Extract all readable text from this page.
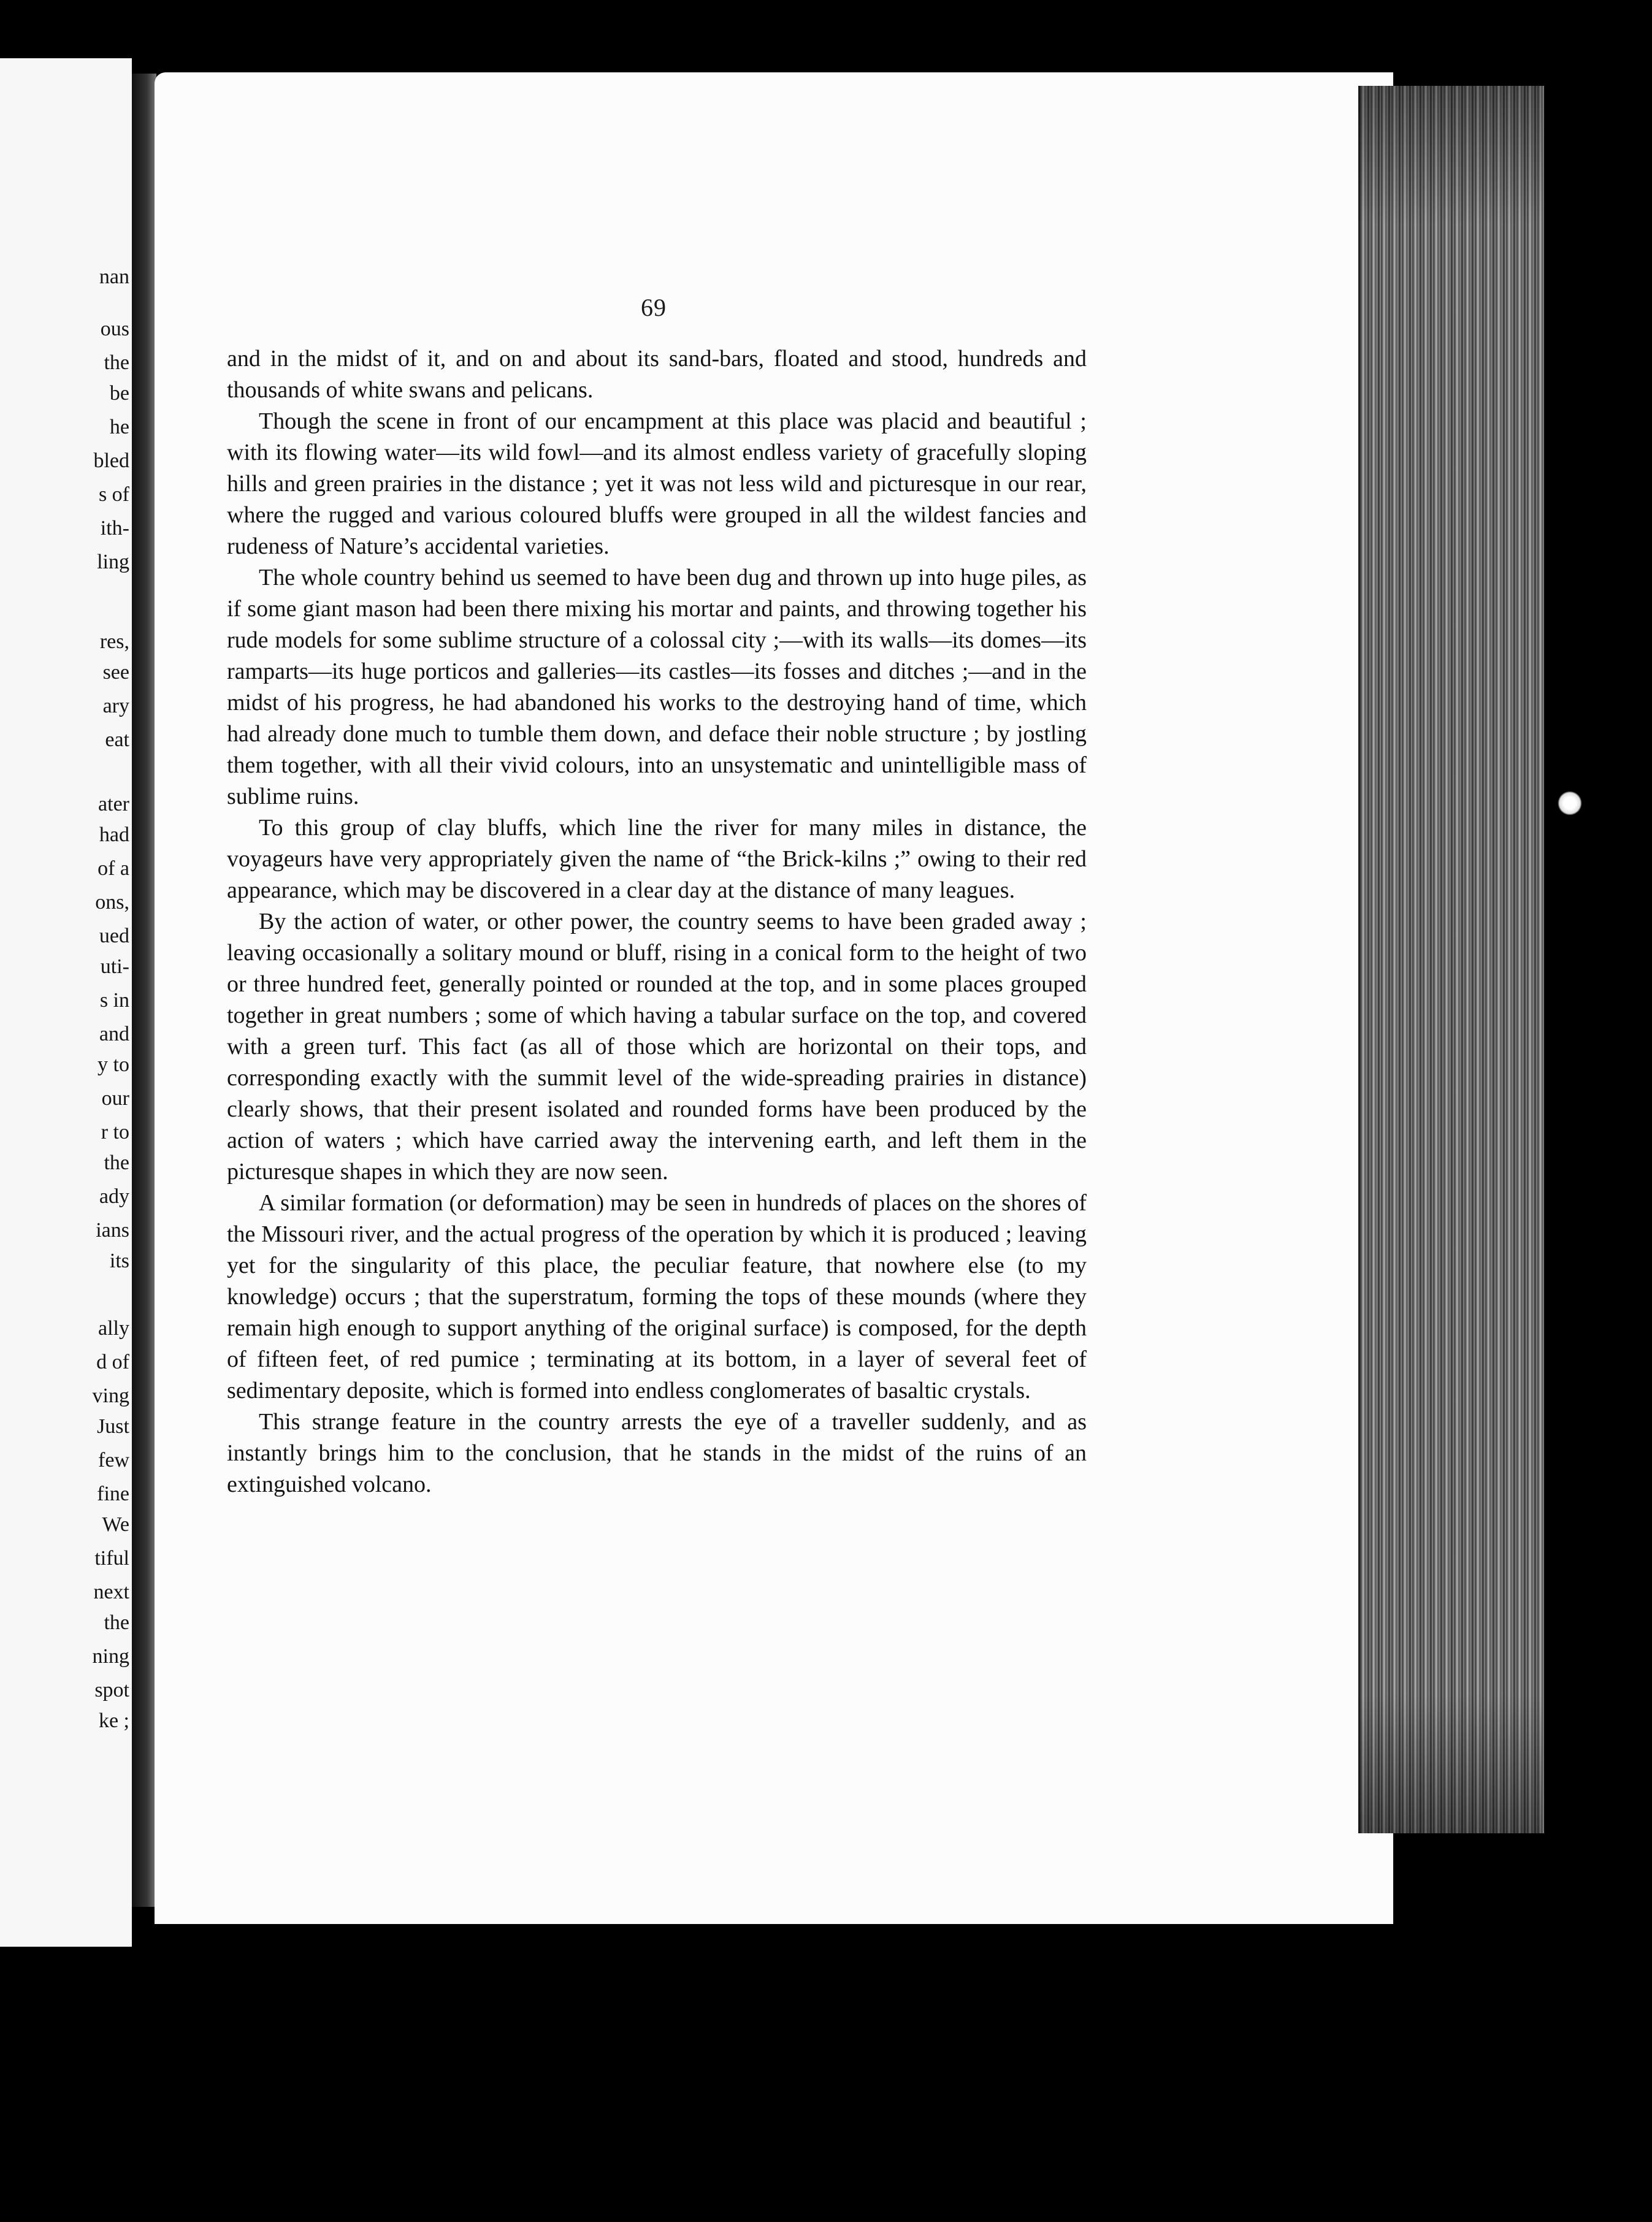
nan
ous
the
be
he
bled
s of
ith-
ling
res,
see
ary
eat
ater
had
of a
ons,
ued
uti-
s in
and
y to
our
r to
the
ady
ians
its
ally
d of
ving
Just
few
fine
We
tiful
next
the
ning
spot
ke ;
69

and in the midst of it, and on and about its sand-bars, floated and stood, hundreds and thousands of white swans and pelicans.

Though the scene in front of our encampment at this place was placid and beautiful ; with its flowing water—its wild fowl—and its almost endless variety of gracefully sloping hills and green prairies in the distance ; yet it was not less wild and picturesque in our rear, where the rugged and various coloured bluffs were grouped in all the wildest fancies and rudeness of Nature’s accidental varieties.

The whole country behind us seemed to have been dug and thrown up into huge piles, as if some giant mason had been there mixing his mortar and paints, and throwing together his rude models for some sublime structure of a colossal city ;—with its walls—its domes—its ramparts—its huge porticos and galleries—its castles—its fosses and ditches ;—and in the midst of his progress, he had abandoned his works to the destroying hand of time, which had already done much to tumble them down, and deface their noble structure ; by jostling them together, with all their vivid colours, into an unsystematic and unintelligible mass of sublime ruins.

To this group of clay bluffs, which line the river for many miles in distance, the voyageurs have very appropriately given the name of “the Brick-kilns ;” owing to their red appearance, which may be discovered in a clear day at the distance of many leagues.

By the action of water, or other power, the country seems to have been graded away ; leaving occasionally a solitary mound or bluff, rising in a conical form to the height of two or three hundred feet, generally pointed or rounded at the top, and in some places grouped together in great numbers ; some of which having a tabular surface on the top, and covered with a green turf. This fact (as all of those which are horizontal on their tops, and corresponding exactly with the summit level of the wide-spreading prairies in distance) clearly shows, that their present isolated and rounded forms have been produced by the action of waters ; which have carried away the intervening earth, and left them in the picturesque shapes in which they are now seen.

A similar formation (or deformation) may be seen in hundreds of places on the shores of the Missouri river, and the actual progress of the operation by which it is produced ; leaving yet for the singularity of this place, the peculiar feature, that nowhere else (to my knowledge) occurs ; that the superstratum, forming the tops of these mounds (where they remain high enough to support anything of the original surface) is composed, for the depth of fifteen feet, of red pumice ; terminating at its bottom, in a layer of several feet of sedimentary deposite, which is formed into endless conglomerates of basaltic crystals.

This strange feature in the country arrests the eye of a traveller suddenly, and as instantly brings him to the conclusion, that he stands in the midst of the ruins of an extinguished volcano.
